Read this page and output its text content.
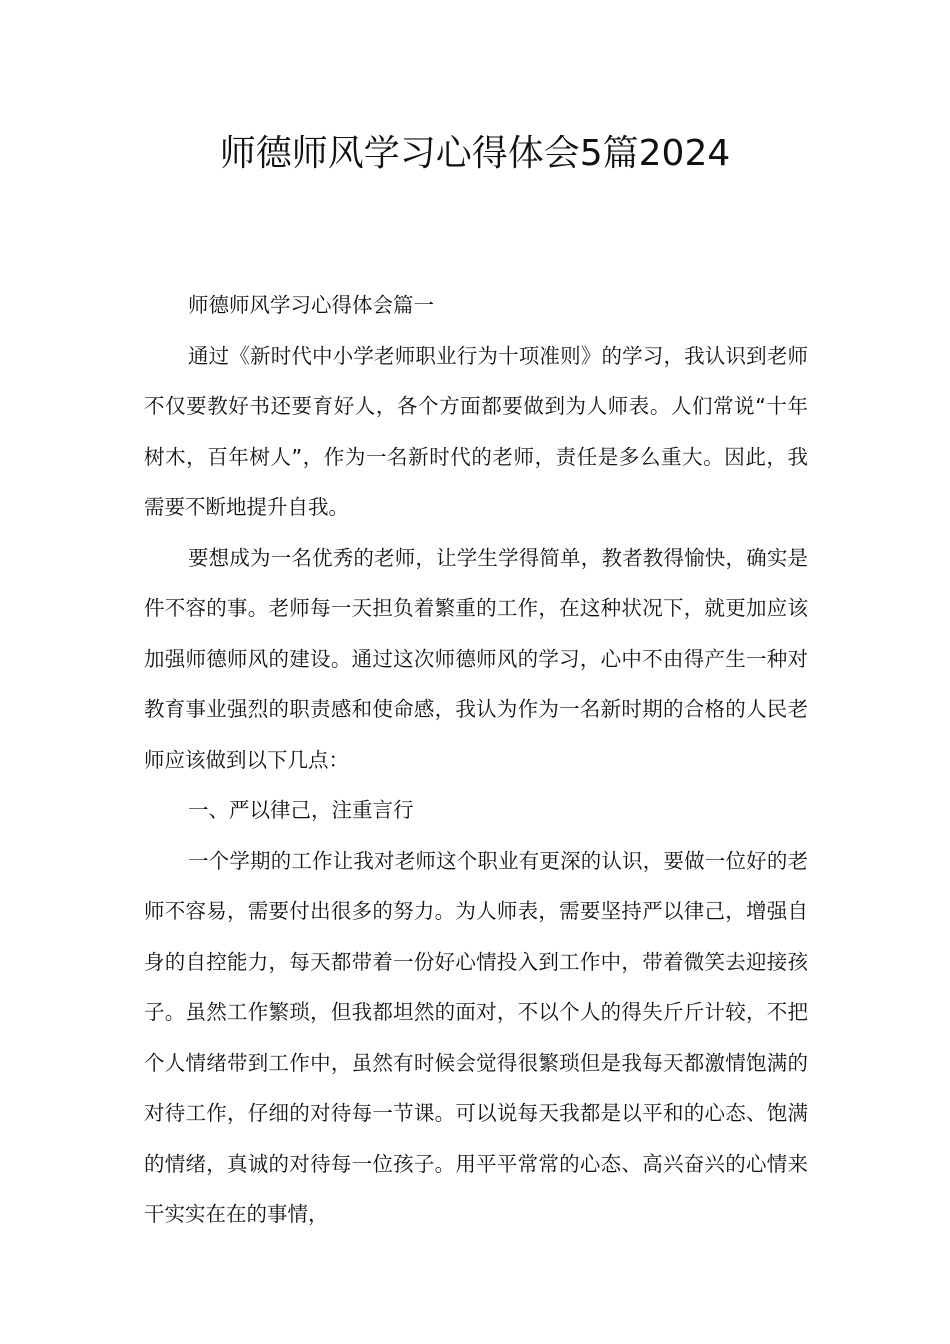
师德师风学习心得体会5篇2024

师德师风学习心得体会篇一

通过《新时代中小学老师职业行为十项准则》的学习，我认识到老师不仅要教好书还要育好人，各个方面都要做到为人师表。人们常说“十年树木，百年树人”，作为一名新时代的老师，责任是多么重大。因此，我需要不断地提升自我。

要想成为一名优秀的老师，让学生学得简单，教者教得愉快，确实是件不容的事。老师每一天担负着繁重的工作，在这种状况下，就更加应该加强师德师风的建设。通过这次师德师风的学习，心中不由得产生一种对教育事业强烈的职责感和使命感，我认为作为一名新时期的合格的人民老师应该做到以下几点：

一、严以律己，注重言行

一个学期的工作让我对老师这个职业有更深的认识，要做一位好的老师不容易，需要付出很多的努力。为人师表，需要坚持严以律己，增强自身的自控能力，每天都带着一份好心情投入到工作中，带着微笑去迎接孩子。虽然工作繁琐，但我都坦然的面对，不以个人的得失斤斤计较，不把个人情绪带到工作中，虽然有时候会觉得很繁琐但是我每天都激情饱满的对待工作，仔细的对待每一节课。可以说每天我都是以平和的心态、饱满的情绪，真诚的对待每一位孩子。用平平常常的心态、高兴奋兴的心情来干实实在在的事情，
